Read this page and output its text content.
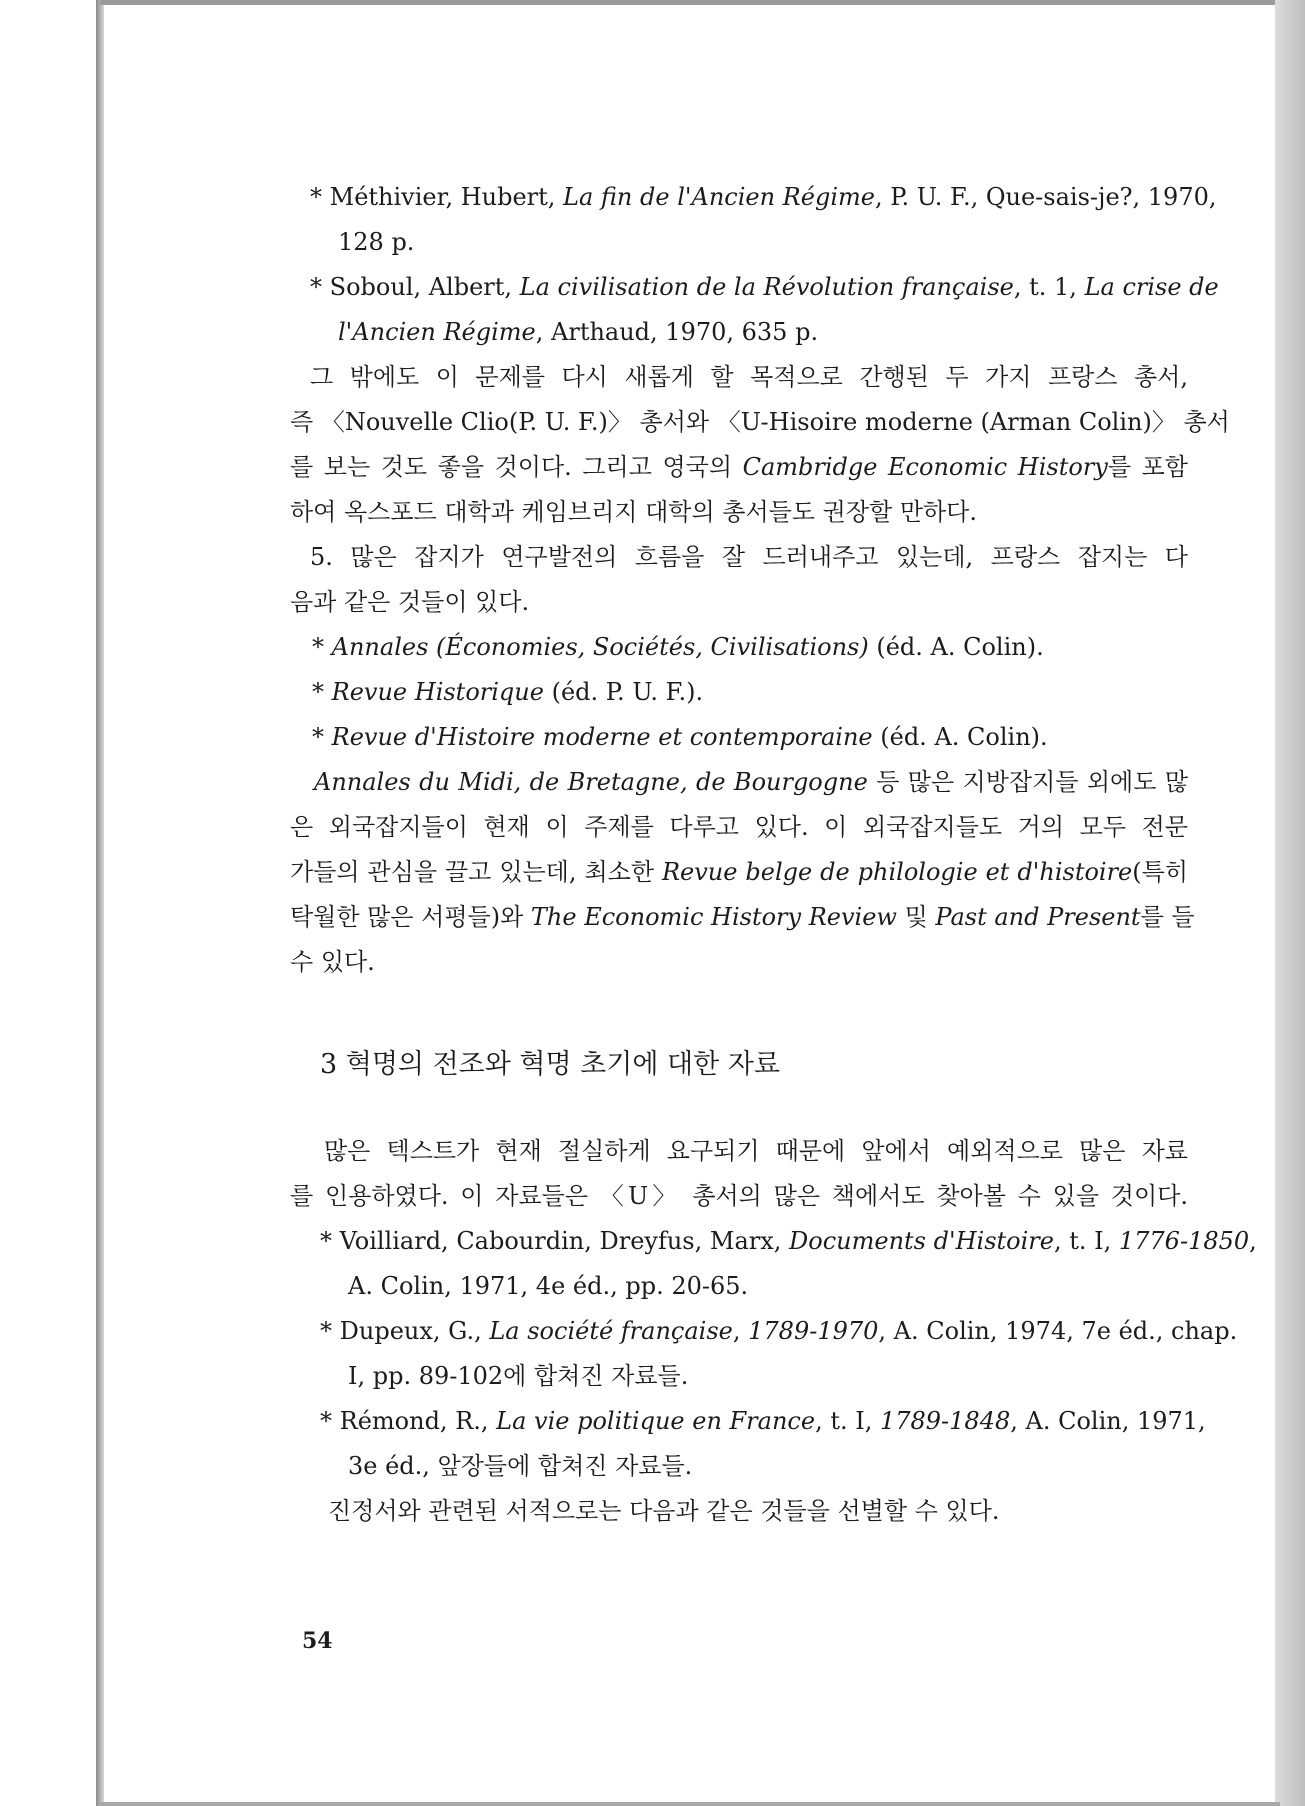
* Méthivier, Hubert, La fin de l'Ancien Régime, P. U. F., Que-sais-je?, 1970,
128 p.
* Soboul, Albert, La civilisation de la Révolution française, t. 1, La crise de
l'Ancien Régime, Arthaud, 1970, 635 p.
그 밖에도 이 문제를 다시 새롭게 할 목적으로 간행된 두 가지 프랑스 총서,
즉 〈Nouvelle Clio(P. U. F.)〉 총서와 〈U-Hisoire moderne (Arman Colin)〉 총서
를 보는 것도 좋을 것이다. 그리고 영국의 Cambridge Economic History를 포함
하여 옥스포드 대학과 케임브리지 대학의 총서들도 권장할 만하다.
5. 많은 잡지가 연구발전의 흐름을 잘 드러내주고 있는데, 프랑스 잡지는 다
음과 같은 것들이 있다.
* Annales (Économies, Sociétés, Civilisations) (éd. A. Colin).
* Revue Historique (éd. P. U. F.).
* Revue d'Histoire moderne et contemporaine (éd. A. Colin).
Annales du Midi, de Bretagne, de Bourgogne 등 많은 지방잡지들 외에도 많
은 외국잡지들이 현재 이 주제를 다루고 있다. 이 외국잡지들도 거의 모두 전문
가들의 관심을 끌고 있는데, 최소한 Revue belge de philologie et d'histoire(특히
탁월한 많은 서평들)와 The Economic History Review 및 Past and Present를 들
수 있다.
3 혁명의 전조와 혁명 초기에 대한 자료
많은 텍스트가 현재 절실하게 요구되기 때문에 앞에서 예외적으로 많은 자료
를 인용하였다. 이 자료들은 〈U〉 총서의 많은 책에서도 찾아볼 수 있을 것이다.
* Voilliard, Cabourdin, Dreyfus, Marx, Documents d'Histoire, t. I, 1776-1850,
A. Colin, 1971, 4e éd., pp. 20-65.
* Dupeux, G., La société française, 1789-1970, A. Colin, 1974, 7e éd., chap.
I, pp. 89-102에 합쳐진 자료들.
* Rémond, R., La vie politique en France, t. I, 1789-1848, A. Colin, 1971,
3e éd., 앞장들에 합쳐진 자료들.
진정서와 관련된 서적으로는 다음과 같은 것들을 선별할 수 있다.
54
